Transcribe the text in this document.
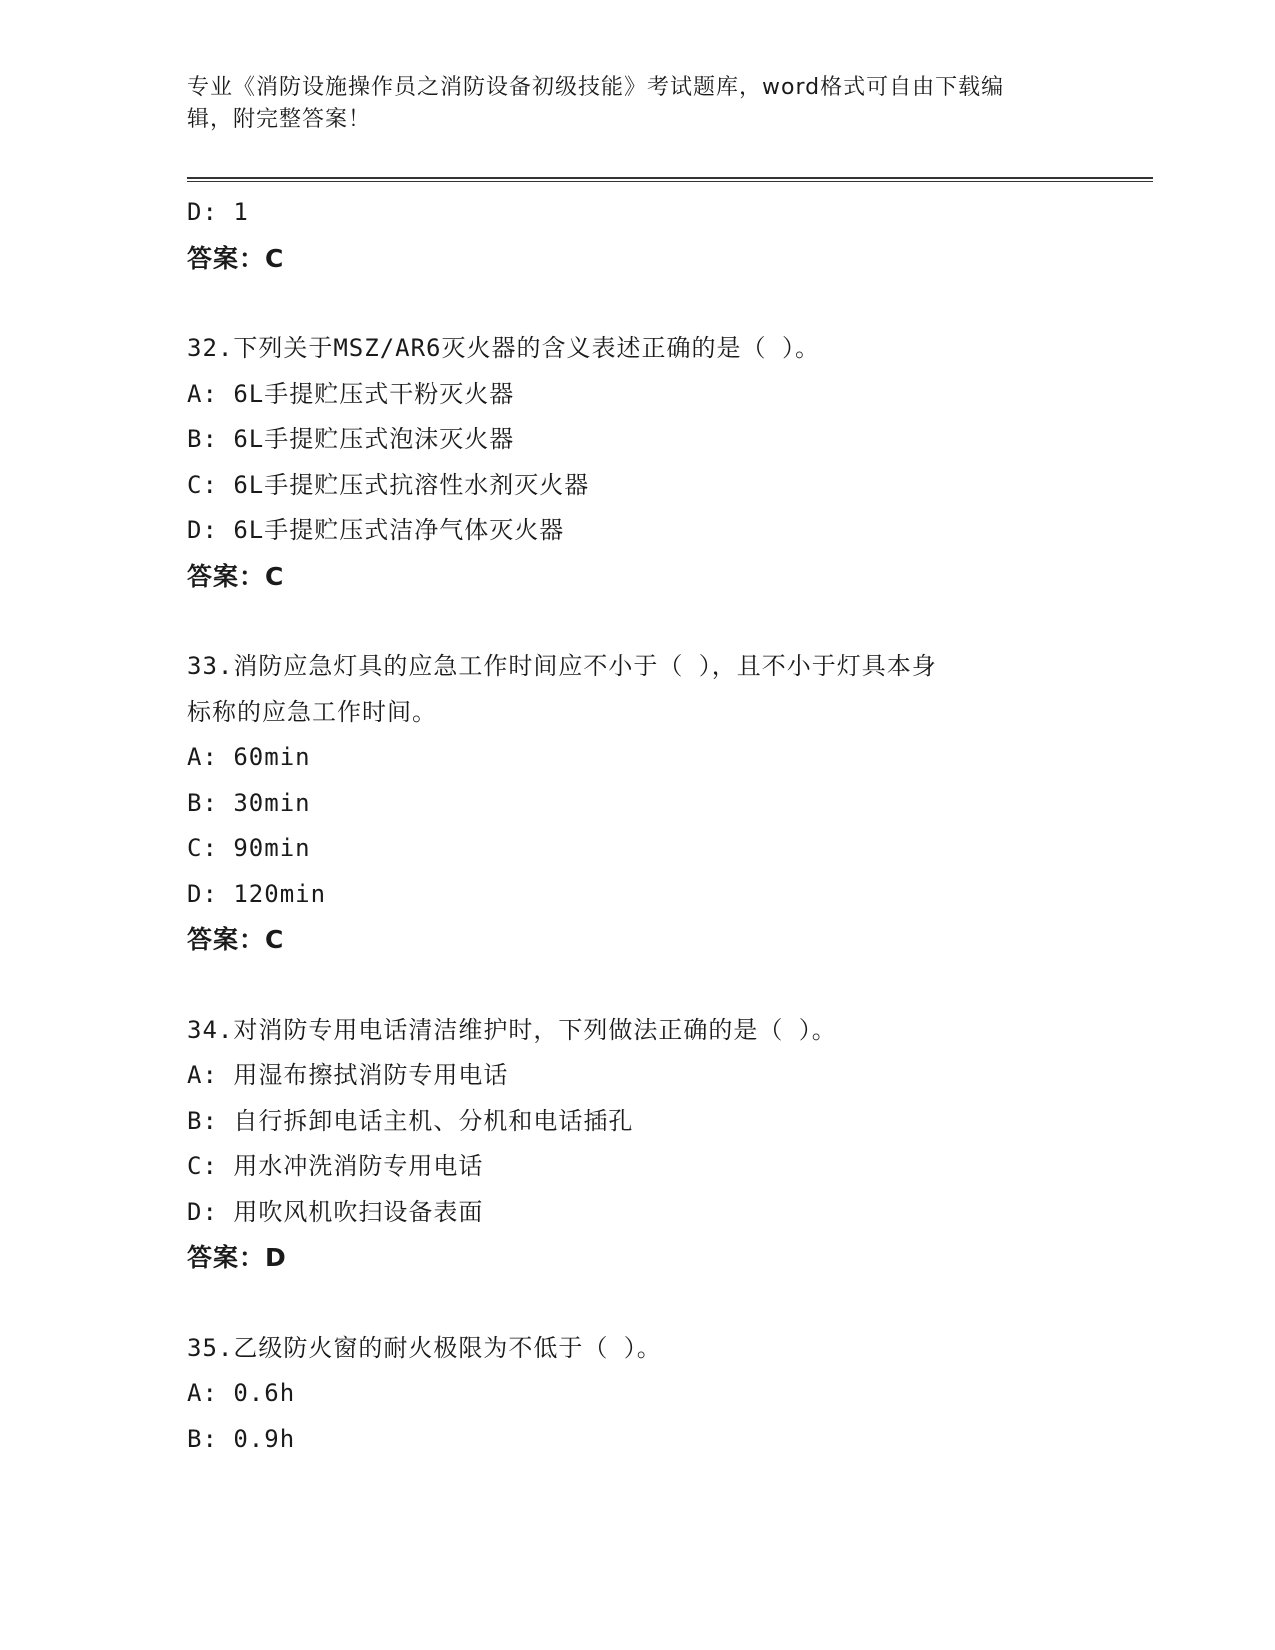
专业《消防设施操作员之消防设备初级技能》考试题库，word格式可自由下载编
辑，附完整答案！
D: 1
答案：C
32.下列关于MSZ/AR6灭火器的含义表述正确的是（ ）。
A: 6L手提贮压式干粉灭火器
B: 6L手提贮压式泡沫灭火器
C: 6L手提贮压式抗溶性水剂灭火器
D: 6L手提贮压式洁净气体灭火器
答案：C
33.消防应急灯具的应急工作时间应不小于（ ），且不小于灯具本身
标称的应急工作时间。
A: 60min
B: 30min
C: 90min
D: 120min
答案：C
34.对消防专用电话清洁维护时，下列做法正确的是（ ）。
A: 用湿布擦拭消防专用电话
B: 自行拆卸电话主机、分机和电话插孔
C: 用水冲洗消防专用电话
D: 用吹风机吹扫设备表面
答案：D
35.乙级防火窗的耐火极限为不低于（ ）。
A: 0.6h
B: 0.9h
